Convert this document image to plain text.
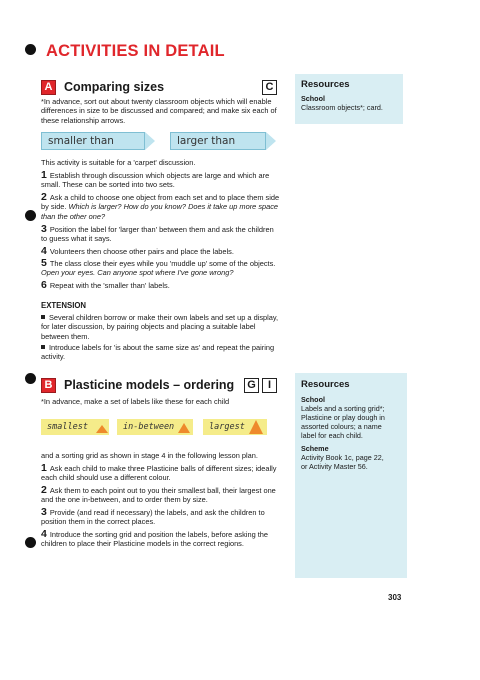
ACTIVITIES IN DETAIL
A Comparing sizes	C
*In advance, sort out about twenty classroom objects which will enable differences in size to be discussed and compared; and make six each of these relationship arrows.
smaller than	larger than
This activity is suitable for a 'carpet' discussion.
1 Establish through discussion which objects are large and which are small. These can be sorted into two sets.
2 Ask a child to choose one object from each set and to place them side by side. Which is larger? How do you know? Does it take up more space than the other one?
3 Position the label for 'larger than' between them and ask the children to guess what it says.
4 Volunteers then choose other pairs and place the labels.
5 The class close their eyes while you 'muddle up' some of the objects. Open your eyes. Can anyone spot where I've gone wrong?
6 Repeat with the 'smaller than' labels.
EXTENSION
Several children borrow or make their own labels and set up a display, for later discussion, by pairing objects and placing a suitable label between them.
Introduce labels for 'is about the same size as' and repeat the pairing activity.
Resources
School
Classroom objects*; card.
B Plasticine models – ordering G	I
*In advance, make a set of labels like these for each child
smallest	in-between	largest
and a sorting grid as shown in stage 4 in the following lesson plan.
1 Ask each child to make three Plasticine balls of different sizes; ideally each child should use a different colour.
2 Ask them to each point out to you their smallest ball, their largest one and the one in-between, and to order them by size.
3 Provide (and read if necessary) the labels, and ask the children to position them in the correct places.
4 Introduce the sorting grid and position the labels, before asking the children to place their Plasticine models in the correct regions.
Resources
School
Labels and a sorting grid*;
Plasticine or play dough in
assorted colours; a name
label for each child.
Scheme
Activity Book 1c, page 22,
or Activity Master 56.
303
